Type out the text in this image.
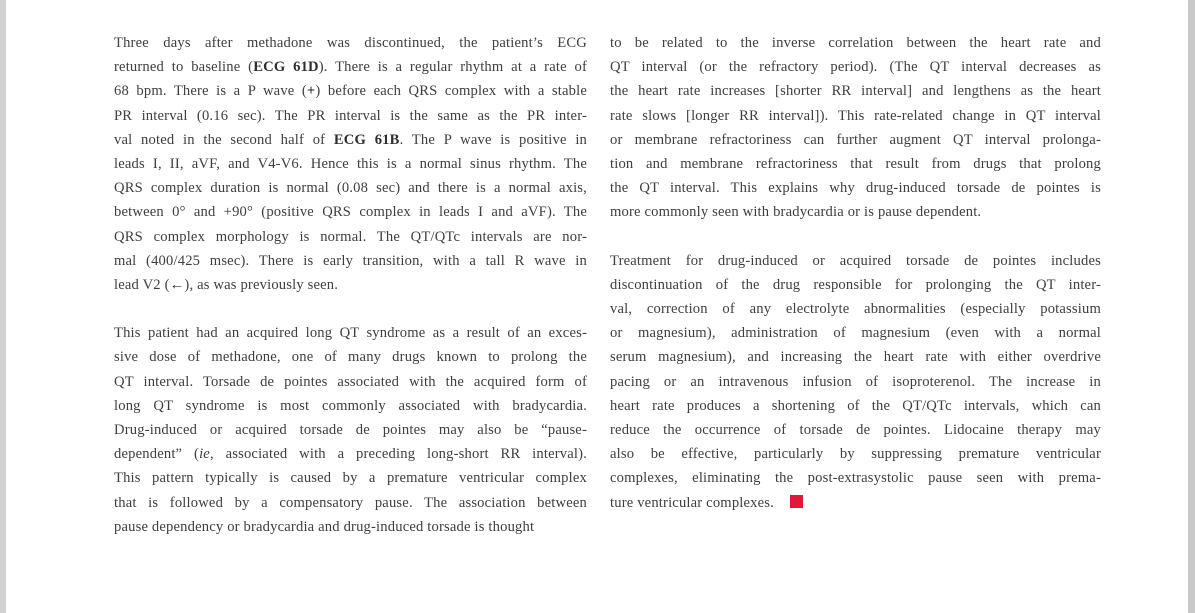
Three days after methadone was discontinued, the patient’s ECG
returned to baseline (ECG 61D). There is a regular rhythm at a rate of
68 bpm. There is a P wave (+) before each QRS complex with a stable
PR interval (0.16 sec). The PR interval is the same as the PR inter-
val noted in the second half of ECG 61B. The P wave is positive in
leads I, II, aVF, and V4-V6. Hence this is a normal sinus rhythm. The
QRS complex duration is normal (0.08 sec) and there is a normal axis,
between 0° and +90° (positive QRS complex in leads I and aVF). The
QRS complex morphology is normal. The QT/QTc intervals are nor-
mal (400/425 msec). There is early transition, with a tall R wave in
lead V2 (←), as was previously seen.
This patient had an acquired long QT syndrome as a result of an exces-
sive dose of methadone, one of many drugs known to prolong the
QT interval. Torsade de pointes associated with the acquired form of
long QT syndrome is most commonly associated with bradycardia.
Drug-induced or acquired torsade de pointes may also be “pause-
dependent” (ie, associated with a preceding long-short RR interval).
This pattern typically is caused by a premature ventricular complex
that is followed by a compensatory pause. The association between
pause dependency or bradycardia and drug-induced torsade is thought
to be related to the inverse correlation between the heart rate and
QT interval (or the refractory period). (The QT interval decreases as
the heart rate increases [shorter RR interval] and lengthens as the heart
rate slows [longer RR interval]). This rate-related change in QT interval
or membrane refractoriness can further augment QT interval prolonga-
tion and membrane refractoriness that result from drugs that prolong
the QT interval. This explains why drug-induced torsade de pointes is
more commonly seen with bradycardia or is pause dependent.
Treatment for drug-induced or acquired torsade de pointes includes
discontinuation of the drug responsible for prolonging the QT inter-
val, correction of any electrolyte abnormalities (especially potassium
or magnesium), administration of magnesium (even with a normal
serum magnesium), and increasing the heart rate with either overdrive
pacing or an intravenous infusion of isoproterenol. The increase in
heart rate produces a shortening of the QT/QTc intervals, which can
reduce the occurrence of torsade de pointes. Lidocaine therapy may
also be effective, particularly by suppressing premature ventricular
complexes, eliminating the post-extrasystolic pause seen with prema-
ture ventricular complexes.
